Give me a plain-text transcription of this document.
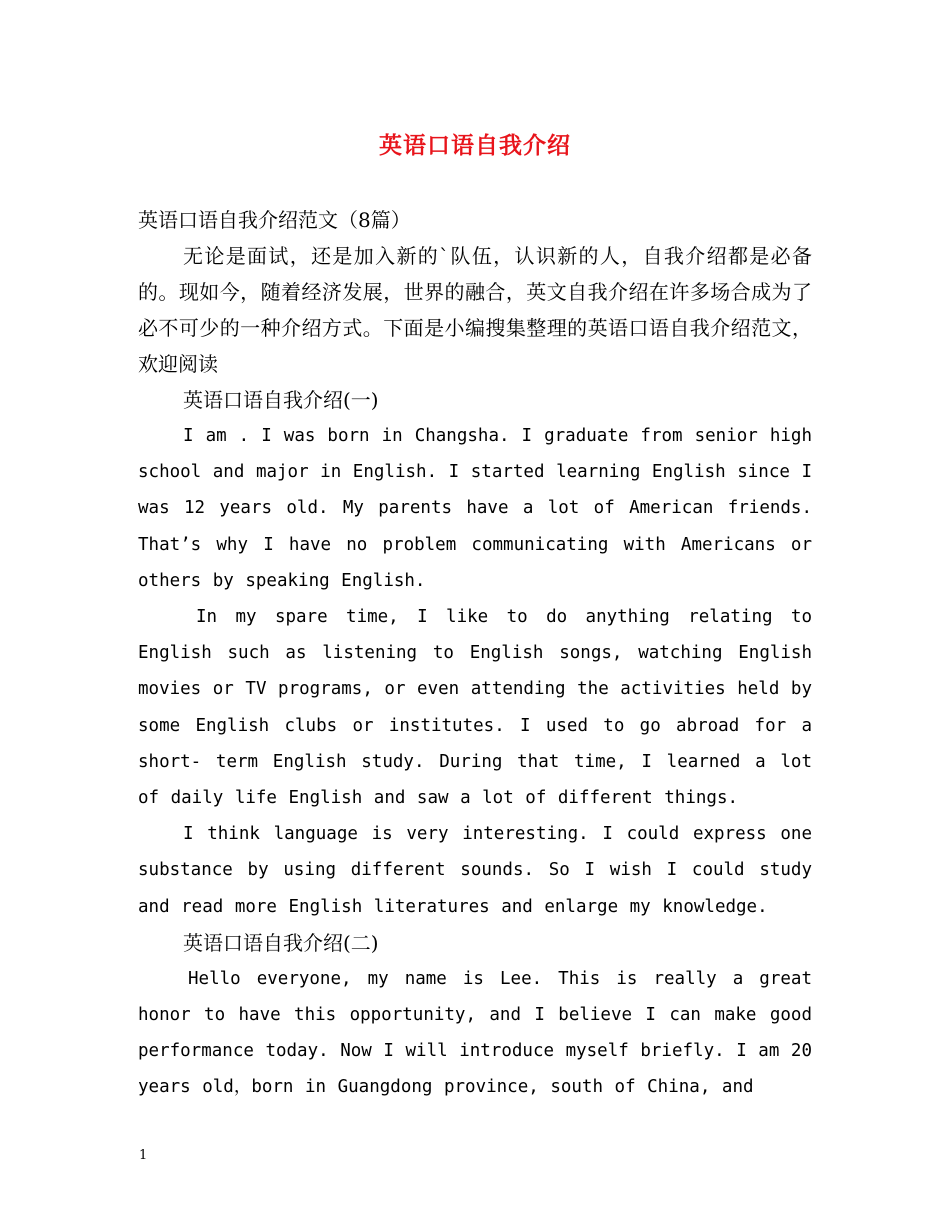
英语口语自我介绍

英语口语自我介绍范文（8篇）

无论是面试，还是加入新的`队伍，认识新的人，自我介绍都是必备的。现如今，随着经济发展，世界的融合，英文自我介绍在许多场合成为了必不可少的一种介绍方式。下面是小编搜集整理的英语口语自我介绍范文，欢迎阅读

英语口语自我介绍(一)

I am . I was born in Changsha. I graduate from senior high school and major in English. I started learning English since I was 12 years old. My parents have a lot of American friends. That’s why I have no problem communicating with Americans or others by speaking English.

In my spare time, I like to do anything relating to English such as listening to English songs, watching English movies or TV programs, or even attending the activities held by some English clubs or institutes. I used to go abroad for a short- term English study. During that time, I learned a lot of daily life English and saw a lot of different things.

I think language is very interesting. I could express one substance by using different sounds. So I wish I could study and read more English literatures and enlarge my knowledge.

英语口语自我介绍(二)

Hello everyone, my name is Lee. This is really a great honor to have this opportunity, and I believe I can make good performance today. Now I will introduce myself briefly. I am 20 years old，born in Guangdong province, south of China, and

1
